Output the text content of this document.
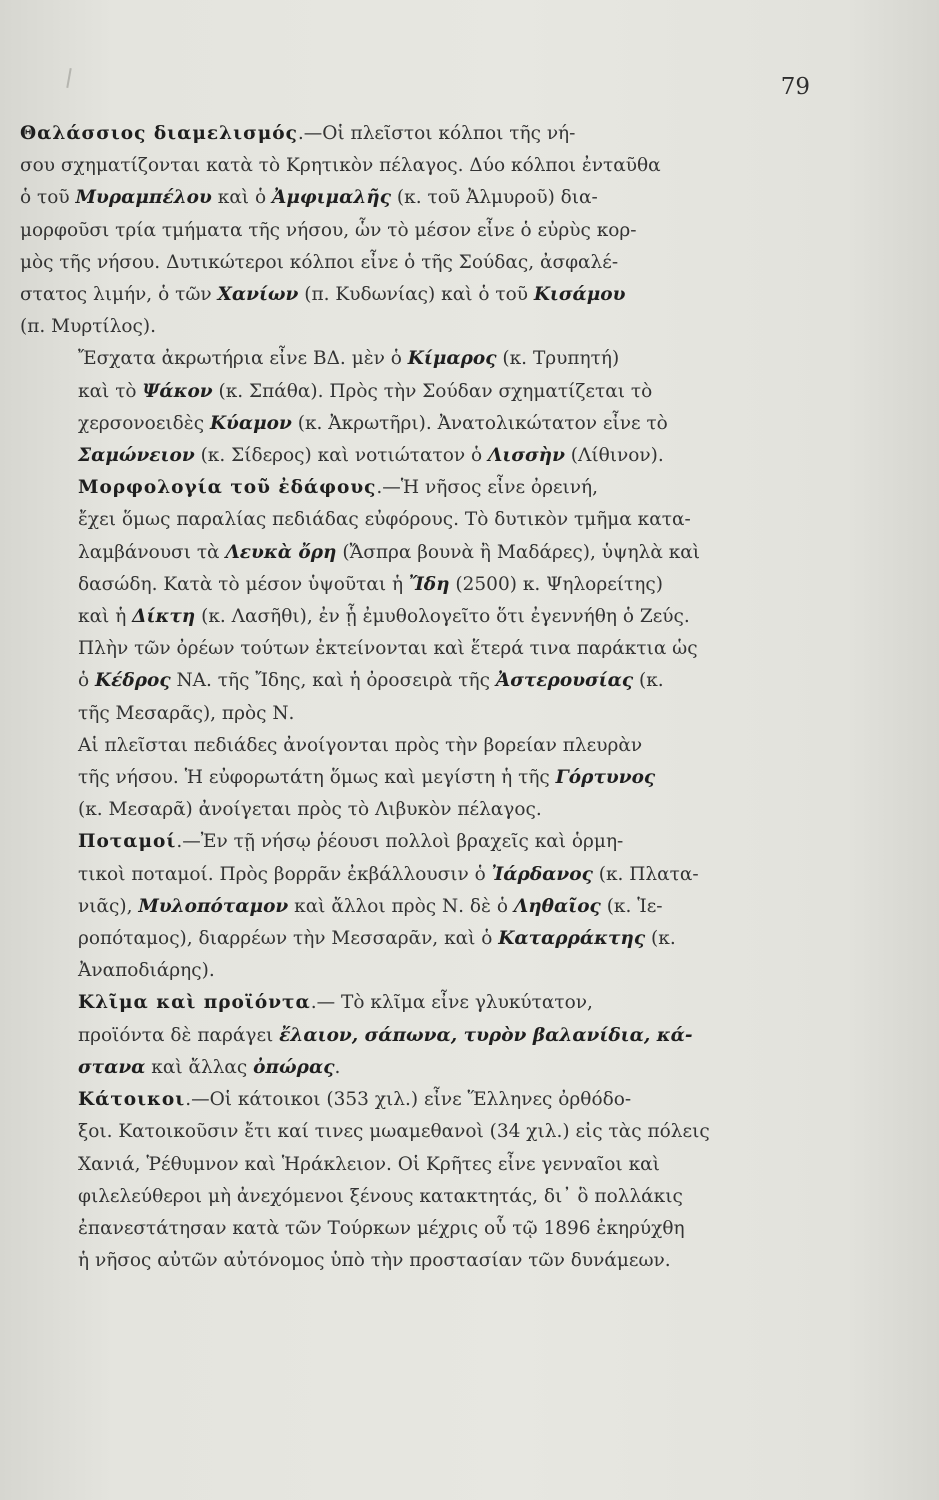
79
Θαλάσσιος διαμελισμός.—Οἱ πλεῖστοι κόλποι τῆς νή-
σου σχηματίζονται κατὰ τὸ Κρητικὸν πέλαγος. Δύο κόλποι ἐνταῦθα
ὁ τοῦ Μυραμπέλου καὶ ὁ Ἀμφιμαλῆς (κ. τοῦ Ἀλμυροῦ) δια-
μορφοῦσι τρία τμήματα τῆς νήσου, ὧν τὸ μέσον εἶνε ὁ εὐρὺς κορ-
μὸς τῆς νήσου. Δυτικώτεροι κόλποι εἶνε ὁ τῆς Σούδας, ἀσφαλέ-
στατος λιμήν, ὁ τῶν Χανίων (π. Κυδωνίας) καὶ ὁ τοῦ Κισάμου
(π. Μυρτίλος).
Ἔσχατα ἀκρωτήρια εἶνε ΒΔ. μὲν ὁ Κίμαρος (κ. Τρυπητή)
καὶ τὸ Ψάκον (κ. Σπάθα). Πρὸς τὴν Σούδαν σχηματίζεται τὸ
χερσονοειδὲς Κύαμον (κ. Ἀκρωτῆρι). Ἀνατολικώτατον εἶνε τὸ
Σαμώνειον (κ. Σίδερος) καὶ νοτιώτατον ὁ Λισσὴν (Λίθινον).
Μορφολογία τοῦ ἐδάφους.—Ἡ νῆσος εἶνε ὀρεινή,
ἔχει ὅμως παραλίας πεδιάδας εὐφόρους. Τὸ δυτικὸν τμῆμα κατα-
λαμβάνουσι τὰ Λευκὰ ὄρη (Ἄσπρα βουνὰ ἢ Μαδάρες), ὑψηλὰ καὶ
δασώδη. Κατὰ τὸ μέσον ὑψοῦται ἡ Ἴδη (2500) κ. Ψηλορείτης)
καὶ ἡ Δίκτη (κ. Λασῆθι), ἐν ᾗ ἐμυθολογεῖτο ὅτι ἐγεννήθη ὁ Ζεύς.
Πλὴν τῶν ὀρέων τούτων ἐκτείνονται καὶ ἕτερά τινα παράκτια ὡς
ὁ Κέδρος ΝΑ. τῆς Ἴδης, καὶ ἡ ὀροσειρὰ τῆς Ἀστερουσίας (κ.
τῆς Μεσαρᾶς), πρὸς Ν.
Αἱ πλεῖσται πεδιάδες ἀνοίγονται πρὸς τὴν βορείαν πλευρὰν
τῆς νήσου. Ἡ εὐφορωτάτη ὅμως καὶ μεγίστη ἡ τῆς Γόρτυνος
(κ. Μεσαρᾶ) ἀνοίγεται πρὸς τὸ Λιβυκὸν πέλαγος.
Ποταμοί.—Ἐν τῇ νήσῳ ῥέουσι πολλοὶ βραχεῖς καὶ ὁρμη-
τικοὶ ποταμοί. Πρὸς βορρᾶν ἐκβάλλουσιν ὁ Ἰάρδανος (κ. Πλατα-
νιᾶς), Μυλοπόταμον καὶ ἄλλοι πρὸς Ν. δὲ ὁ Ληθαῖος (κ. Ἱε-
ροπόταμος), διαρρέων τὴν Μεσσαρᾶν, καὶ ὁ Καταρράκτης (κ.
Ἀναποδιάρης).
Κλῖμα καὶ προϊόντα.— Τὸ κλῖμα εἶνε γλυκύτατον,
προϊόντα δὲ παράγει ἔλαιον, σάπωνα, τυρὸν βαλανίδια, κά-
στανα καὶ ἄλλας ὀπώρας.
Κάτοικοι.—Οἱ κάτοικοι (353 χιλ.) εἶνε Ἕλληνες ὀρθόδο-
ξοι. Κατοικοῦσιν ἔτι καί τινες μωαμεθανοὶ (34 χιλ.) εἰς τὰς πόλεις
Χανιά, Ῥέθυμνον καὶ Ἡράκλειον. Οἱ Κρῆτες εἶνε γενναῖοι καὶ
φιλελεύθεροι μὴ ἀνεχόμενοι ξένους κατακτητάς, δι᾽ ὃ πολλάκις
ἐπανεστάτησαν κατὰ τῶν Τούρκων μέχρις οὗ τῷ 1896 ἐκηρύχθη
ἡ νῆσος αὐτῶν αὐτόνομος ὑπὸ τὴν προστασίαν τῶν δυνάμεων.
